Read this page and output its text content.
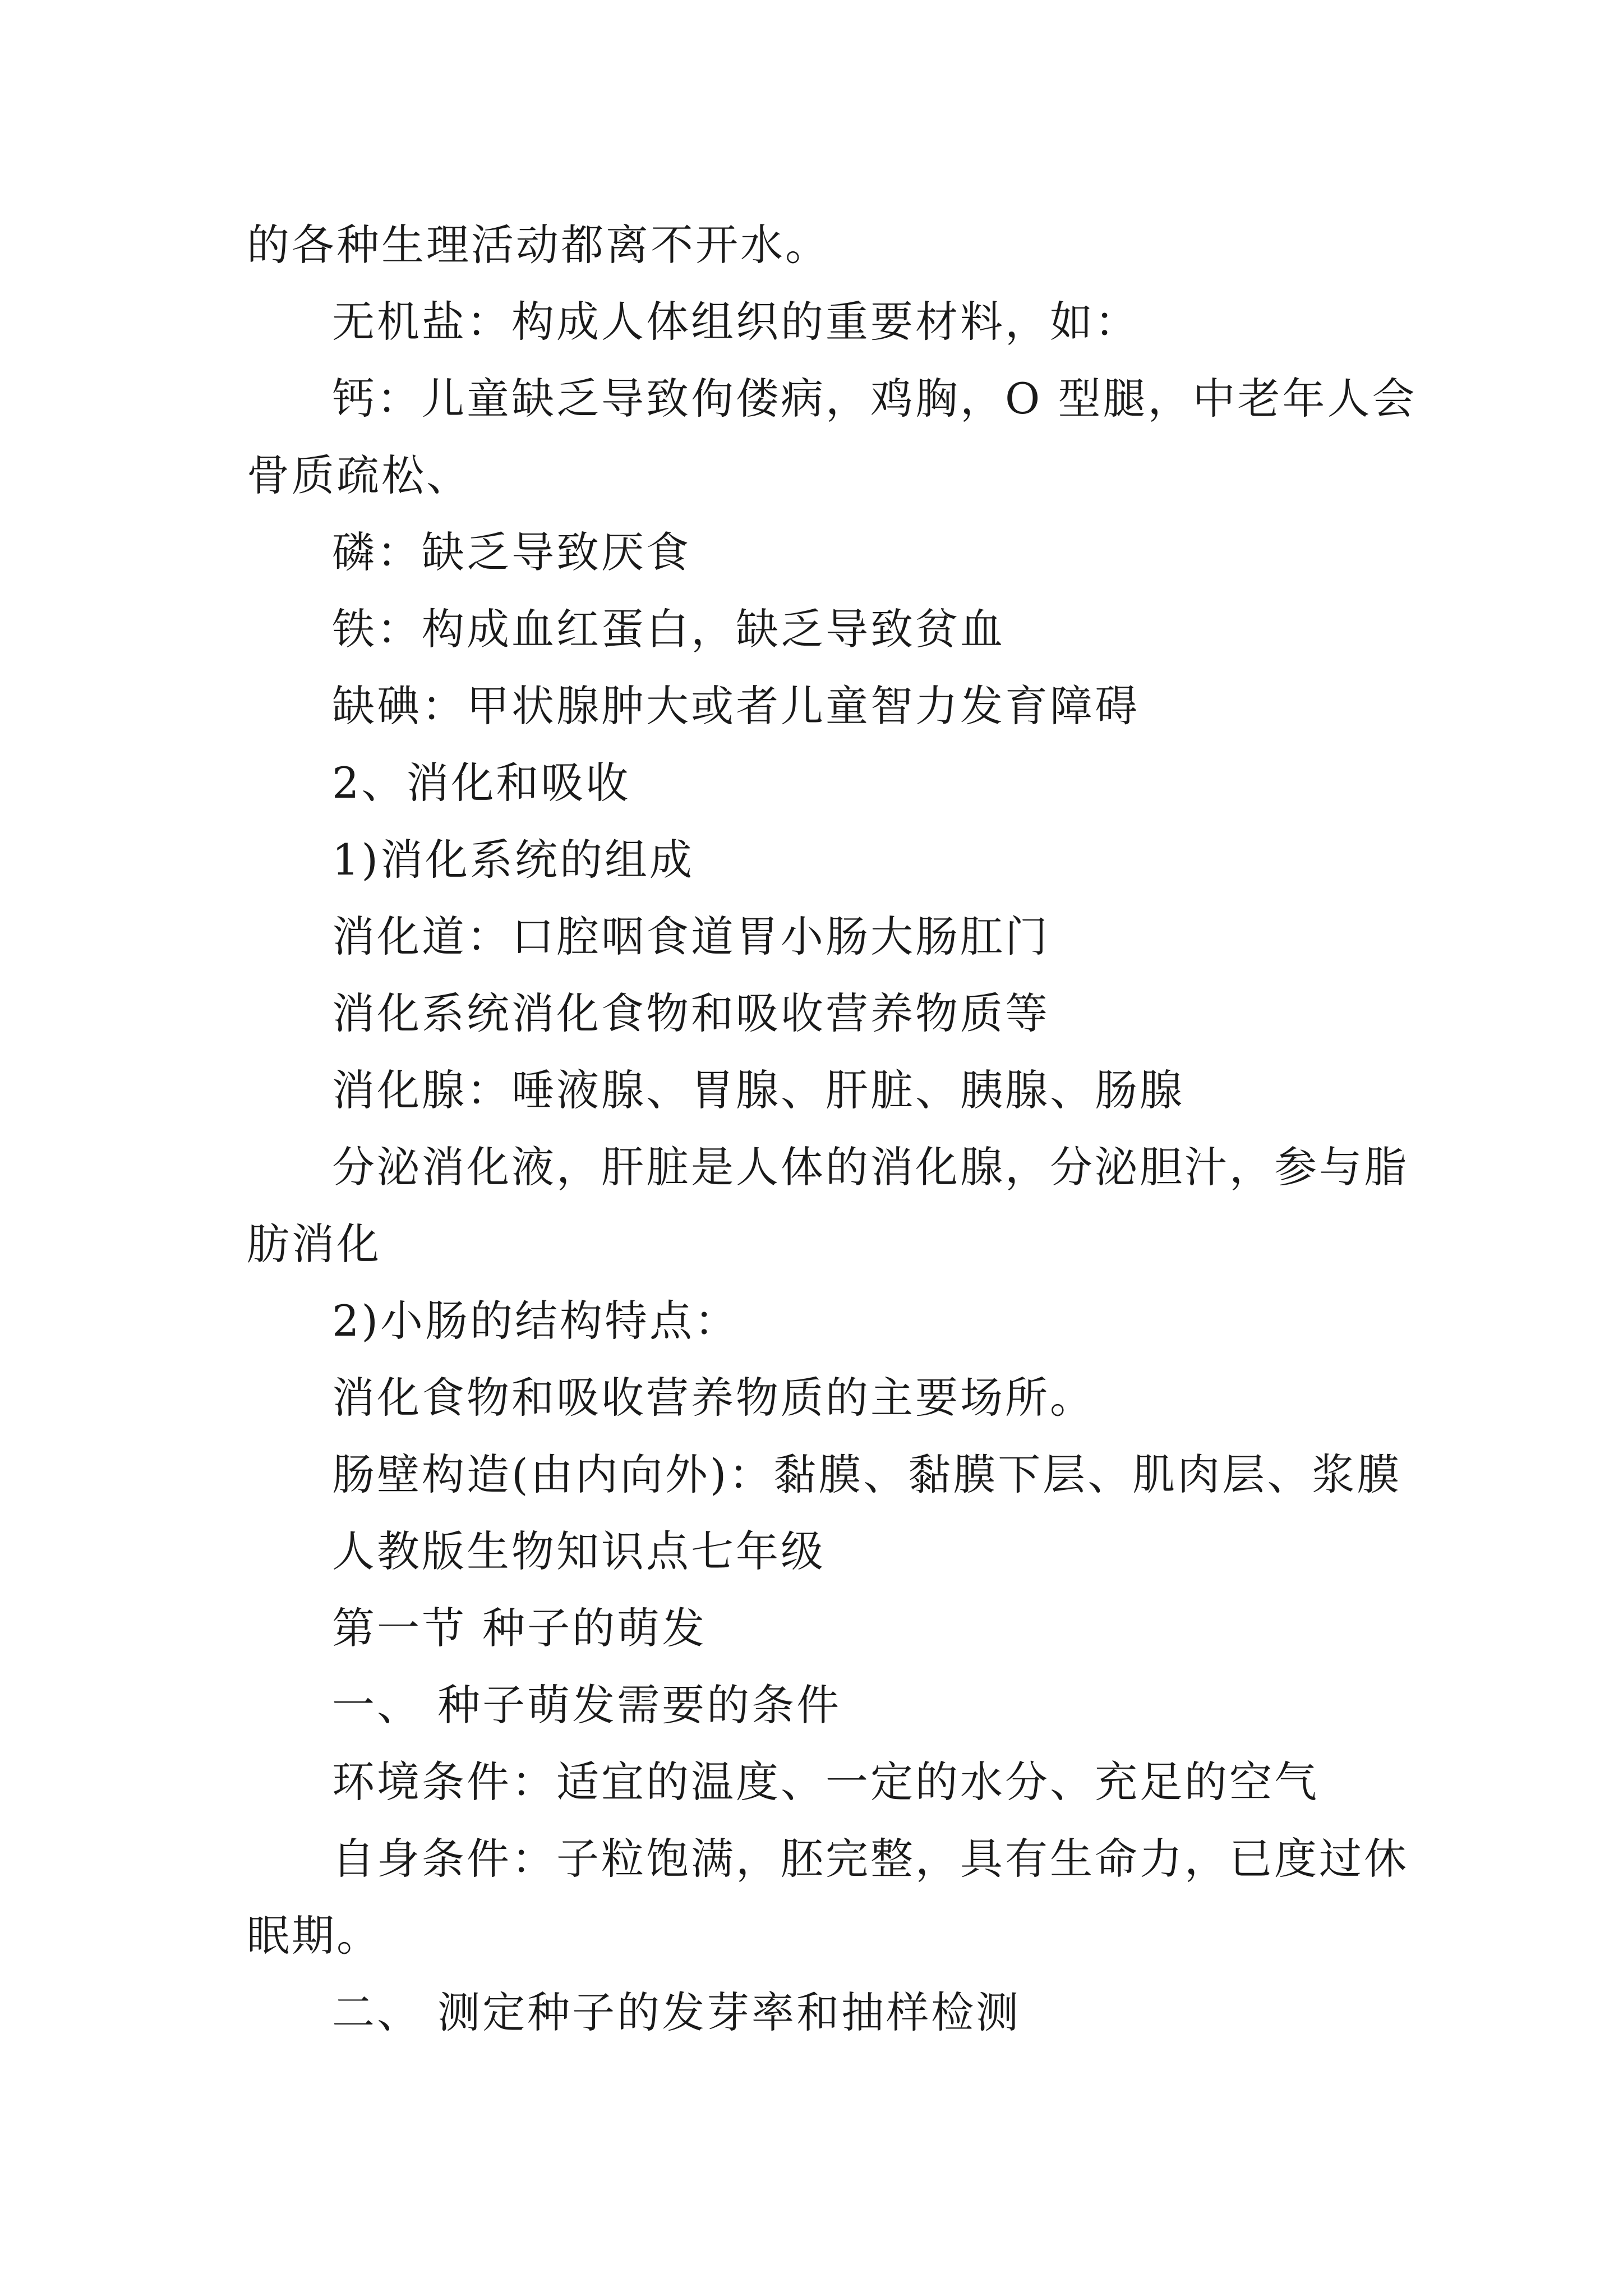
的各种生理活动都离不开水。
无机盐：构成人体组织的重要材料，如：
钙：儿童缺乏导致佝偻病，鸡胸，O 型腿，中老年人会
骨质疏松、
磷：缺乏导致厌食
铁：构成血红蛋白，缺乏导致贫血
缺碘：甲状腺肿大或者儿童智力发育障碍
2、消化和吸收
1)消化系统的组成
消化道：口腔咽食道胃小肠大肠肛门
消化系统消化食物和吸收营养物质等
消化腺：唾液腺、胃腺、肝脏、胰腺、肠腺
分泌消化液，肝脏是人体的消化腺，分泌胆汁，参与脂
肪消化
2)小肠的结构特点：
消化食物和吸收营养物质的主要场所。
肠壁构造(由内向外)：黏膜、黏膜下层、肌肉层、浆膜
人教版生物知识点七年级
第一节 种子的萌发
一、 种子萌发需要的条件
环境条件：适宜的温度、一定的水分、充足的空气
自身条件：子粒饱满，胚完整，具有生命力，已度过休
眠期。
二、 测定种子的发芽率和抽样检测
